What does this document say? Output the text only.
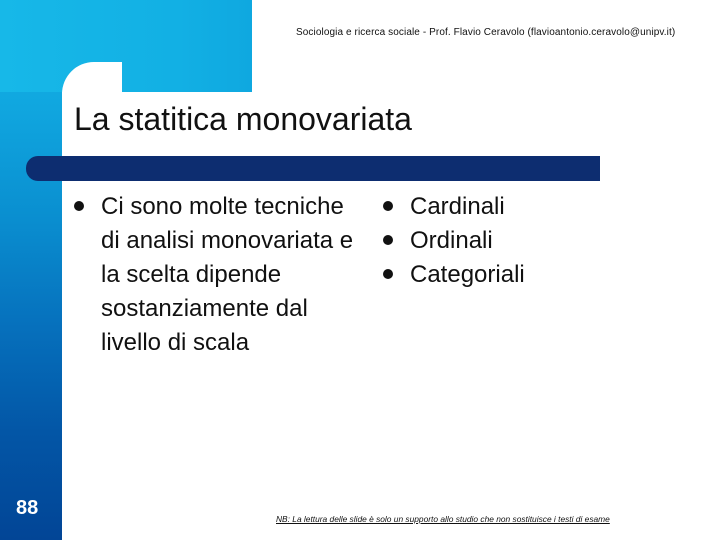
Sociologia e ricerca sociale - Prof. Flavio Ceravolo (flavioantonio.ceravolo@unipv.it)
La statitica monovariata
Ci sono molte tecniche di analisi monovariata e la scelta dipende sostanziamente dal livello di scala
Cardinali
Ordinali
Categoriali
88	NB: La lettura delle slide è solo un supporto allo studio che non sostituisce i testi di esame
